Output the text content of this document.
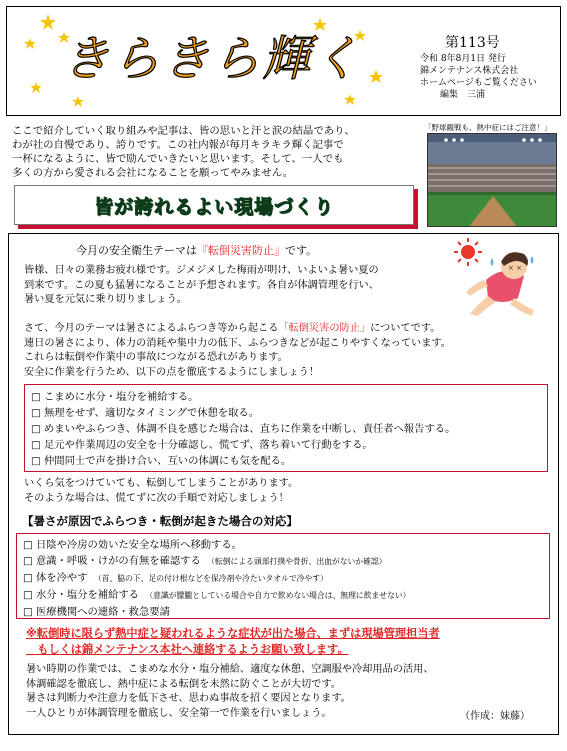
きらきら輝く	第113号
令和 8年8月1日 発行
錦メンテナンス株式会社
ホームページもご覧ください
編集　三浦
ここで紹介していく取り組みや記事は、皆の思いと汗と涙の結晶であり、
わが社の自慢であり、誇りです。この社内報が毎月キラキラ輝く記事で
一杯になるように、皆で励んでいきたいと思います。そして、一人でも
多くの方から愛される会社になることを願ってやみません。
「野球観戦も、熱中症にはご注意！」
皆が誇れるよい現場づくり
今月の安全衛生テーマは『転倒災害防止』です。
× ×
皆様、日々の業務お疲れ様です。ジメジメした梅雨が明け、いよいよ暑い夏の
到来です。この夏も猛暑になることが予想されます。各自が体調管理を行い、
暑い夏を元気に乗り切りましょう。
さて、今月のテーマは暑さによるふらつき等から起こる「転倒災害の防止」についてです。
連日の暑さにより、体力の消耗や集中力の低下、ふらつきなどが起こりやすくなっています。
これらは転倒や作業中の事故につながる恐れがあります。
安全に作業を行うため、以下の点を徹底するようにしましょう！
□ こまめに水分・塩分を補給する。
□ 無理をせず、適切なタイミングで休憩を取る。
□ めまいやふらつき、体調不良を感じた場合は、直ちに作業を中断し、責任者へ報告する。
□ 足元や作業周辺の安全を十分確認し、慌てず、落ち着いて行動をする。
□ 仲間同士で声を掛け合い、互いの体調にも気を配る。
いくら気をつけていても、転倒してしまうことがあります。
そのような場合は、慌てずに次の手順で対応しましょう！
【暑さが原因でふらつき・転倒が起きた場合の対応】
□ 日陰や冷房の効いた安全な場所へ移動する。
□ 意識・呼吸・けがの有無を確認する　 （転倒による頭部打撲や骨折、出血がないか確認）
□ 体を冷やす　 （首、脇の下、足の付け根などを保冷剤や冷たいタオルで冷やす）
□ 水分・塩分を補給する　 （意識が朦朧としている場合や自力で飲めない場合は、無理に飲ませない）
□ 医療機関への連絡・救急要請
※転倒時に限らず熱中症と疑われるような症状が出た場合、まずは現場管理担当者
　もしくは錦メンテナンス本社へ連絡するようお願い致します。
暑い時期の作業では、こまめな水分・塩分補給、適度な休憩、空調服や冷却用品の活用、
体調確認を徹底し、熱中症による転倒を未然に防ぐことが大切です。
暑さは判断力や注意力を低下させ、思わぬ事故を招く要因となります。
一人ひとりが体調管理を徹底し、安全第一で作業を行いましょう。	（作成：妹藤）
